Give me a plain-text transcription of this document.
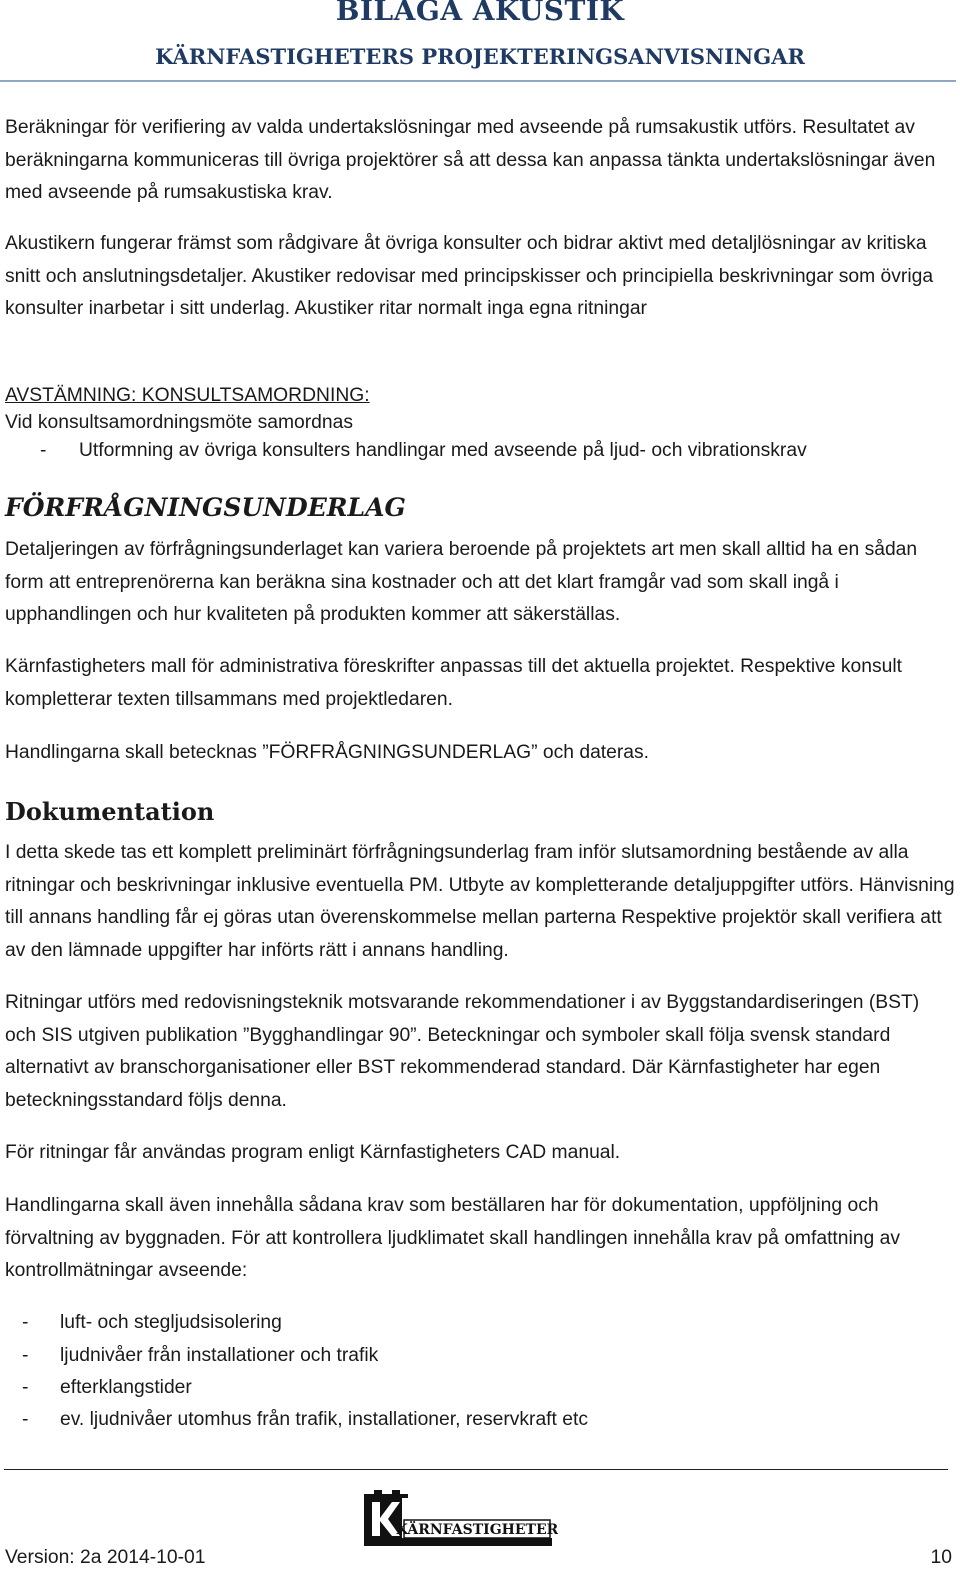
BILAGA AKUSTIK
KÄRNFASTIGHETERS PROJEKTERINGSANVISNINGAR

Beräkningar för verifiering av valda undertakslösningar med avseende på rumsakustik utförs. Resultatet av beräkningarna kommuniceras till övriga projektörer så att dessa kan anpassa tänkta undertakslösningar även med avseende på rumsakustiska krav.

Akustikern fungerar främst som rådgivare åt övriga konsulter och bidrar aktivt med detaljlösningar av kritiska snitt och anslutningsdetaljer. Akustiker redovisar med principskisser och principiella beskrivningar som övriga konsulter inarbetar i sitt underlag. Akustiker ritar normalt inga egna ritningar

AVSTÄMNING: KONSULTSAMORDNING:
Vid konsultsamordningsmöte samordnas
- Utformning av övriga konsulters handlingar med avseende på ljud- och vibrationskrav
FÖRFRÅGNINGSUNDERLAG

Detaljeringen av förfrågningsunderlaget kan variera beroende på projektets art men skall alltid ha en sådan form att entreprenörerna kan beräkna sina kostnader och att det klart framgår vad som skall ingå i upphandlingen och hur kvaliteten på produkten kommer att säkerställas.

Kärnfastigheters mall för administrativa föreskrifter anpassas till det aktuella projektet. Respektive konsult kompletterar texten tillsammans med projektledaren.

Handlingarna skall betecknas ”FÖRFRÅGNINGSUNDERLAG” och dateras.

Dokumentation

I detta skede tas ett komplett preliminärt förfrågningsunderlag fram inför slutsamordning bestående av alla ritningar och beskrivningar inklusive eventuella PM. Utbyte av kompletterande detaljuppgifter utförs. Hänvisning till annans handling får ej göras utan överenskommelse mellan parterna Respektive projektör skall verifiera att av den lämnade uppgifter har införts rätt i annans handling.

Ritningar utförs med redovisningsteknik motsvarande rekommendationer i av Byggstandardiseringen (BST) och SIS utgiven publikation ”Bygghandlingar 90”. Beteckningar och symboler skall följa svensk standard alternativt av branschorganisationer eller BST rekommenderad standard. Där Kärnfastigheter har egen beteckningsstandard följs denna.

För ritningar får användas program enligt Kärnfastigheters CAD manual.

Handlingarna skall även innehålla sådana krav som beställaren har för dokumentation, uppföljning och förvaltning av byggnaden. För att kontrollera ljudklimatet skall handlingen innehålla krav på omfattning av kontrollmätningar avseende:

- luft- och stegljudsisolering
- ljudnivåer från installationer och trafik
- efterklangstider
- ev. ljudnivåer utomhus från trafik, installationer, reservkraft etc
KÄRNFASTIGHETER
Version: 2a 2014-10-01	10
